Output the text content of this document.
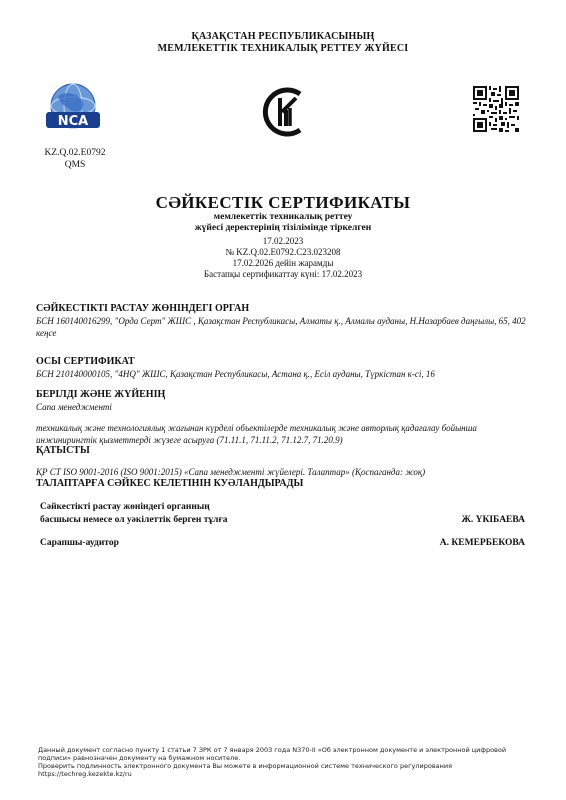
ҚАЗАҚСТАН РЕСПУБЛИКАСЫНЫҢ
МЕМЛЕКЕТТІК ТЕХНИКАЛЫҚ РЕТТЕУ ЖҮЙЕСІ
NCA
KZ.Q.02.E0792
QMS
СӘЙКЕСТІК СЕРТИФИКАТЫ
мемлекеттік техникалық реттеу
жүйесі деректерінің тізілімінде тіркелген
17.02.2023
№ KZ.Q.02.E0792.C23.023208
17.02.2026 дейін жарамды
Бастапқы сертификаттау күні: 17.02.2023
СӘЙКЕСТІКТІ РАСТАУ ЖӨНІНДЕГІ ОРГАН
БСН 160140016299, "Орда Серт" ЖШС , Қазақстан Республикасы, Алматы қ., Алмалы ауданы, Н.Назарбаев даңғылы, 65, 402 кеңсе
ОСЫ СЕРТИФИКАТ
БСН 210140000105, "4HQ" ЖШС, Қазақстан Республикасы, Астана қ., Есіл ауданы, Түркістан к-сі, 16
БЕРІЛДІ ЖӘНЕ ЖҮЙЕНІҢ
Сапа менеджменті
техникалық және технологиялық жағынан күрделі объектілерде техникалық және авторлық қадағалау бойынша инжинирингтік қызметтерді жүзеге асыруға (71.11.1, 71.11.2, 71.12.7, 71.20.9)
ҚАТЫСТЫ
ҚР СТ ISO 9001-2016 (ISO 9001:2015) «Сапа менеджменті жүйелері. Талаптар» (Қоспаганда: жоқ)
ТАЛАПТАРҒА СӘЙКЕС КЕЛЕТІНІН КУӘЛАНДЫРАДЫ
Сәйкестікті растау жөніндегі органның
басшысы немесе ол уәкілеттік берген тұлға	Ж. ҮКІБАЕВА
Сарапшы-аудитор	А. КЕМЕРБЕКОВА
Данный документ согласно пункту 1 статьи 7 ЗРК от 7 января 2003 года N370-II «Об электронном документе и электронной цифровой
подписи» равнозначен документу на бумажном носителе.
Проверить подлинность электронного документа Вы можете в информационной системе технического регулирования
https://techreg.kezekte.kz/ru
